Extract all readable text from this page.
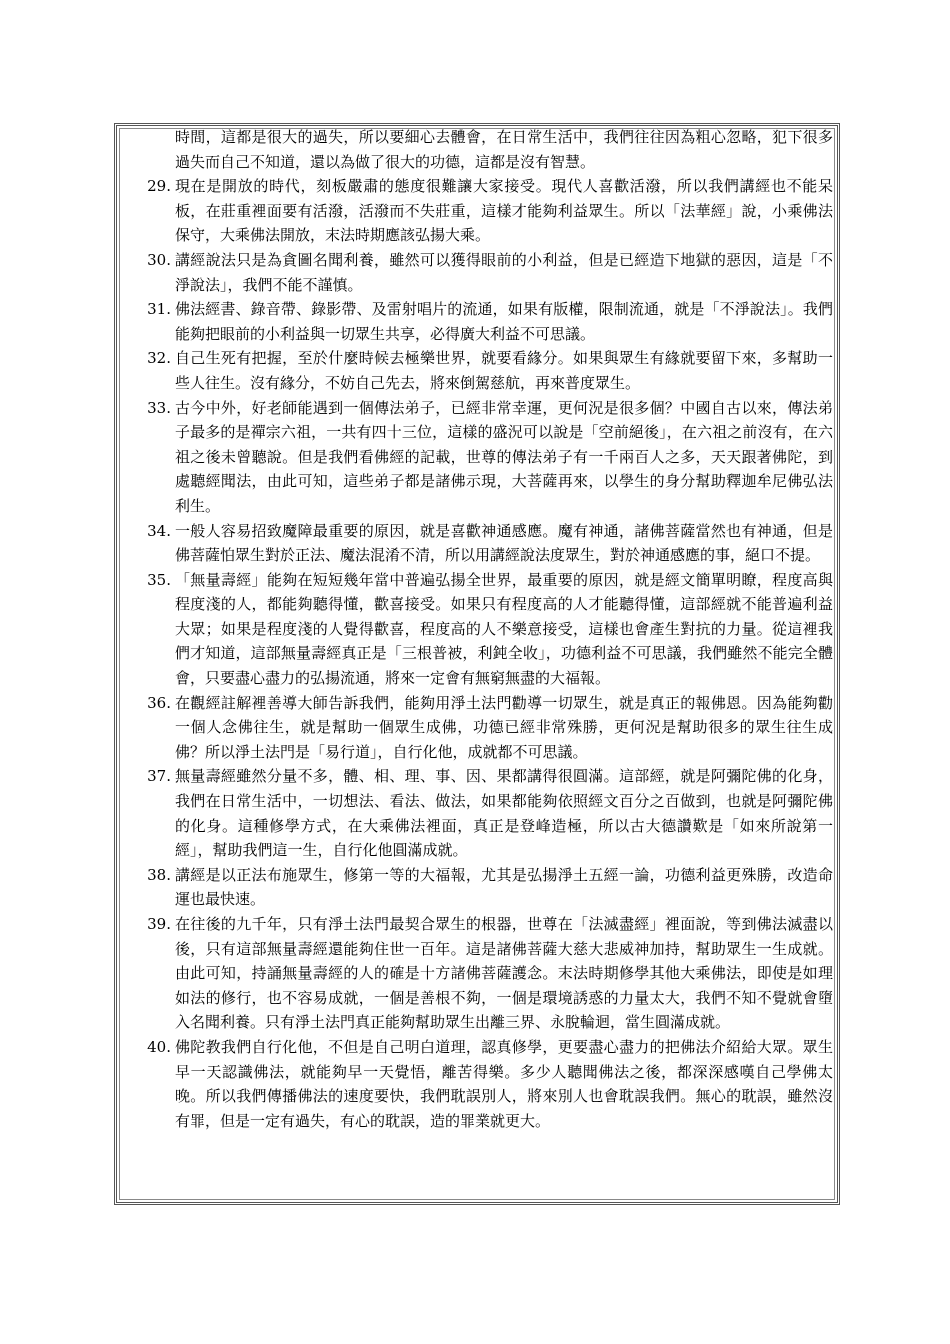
時間，這都是很大的過失，所以要細心去體會，在日常生活中，我們往往因為粗心忽略，犯下很多過失而自己不知道，還以為做了很大的功德，這都是沒有智慧。
29. 現在是開放的時代，刻板嚴肅的態度很難讓大家接受。現代人喜歡活潑，所以我們講經也不能呆板，在莊重裡面要有活潑，活潑而不失莊重，這樣才能夠利益眾生。所以「法華經」說，小乘佛法保守，大乘佛法開放，末法時期應該弘揚大乘。
30. 講經說法只是為貪圖名聞利養，雖然可以獲得眼前的小利益，但是已經造下地獄的惡因，這是「不淨說法」，我們不能不謹慎。
31. 佛法經書、錄音帶、錄影帶、及雷射唱片的流通，如果有版權，限制流通，就是「不淨說法」。我們能夠把眼前的小利益與一切眾生共享，必得廣大利益不可思議。
32. 自己生死有把握，至於什麼時候去極樂世界，就要看緣分。如果與眾生有緣就要留下來，多幫助一些人往生。沒有緣分，不妨自己先去，將來倒駕慈航，再來普度眾生。
33. 古今中外，好老師能遇到一個傳法弟子，已經非常幸運，更何況是很多個？中國自古以來，傳法弟子最多的是禪宗六祖，一共有四十三位，這樣的盛況可以說是「空前絕後」，在六祖之前沒有，在六祖之後未曾聽說。但是我們看佛經的記載，世尊的傳法弟子有一千兩百人之多，天天跟著佛陀，到處聽經聞法，由此可知，這些弟子都是諸佛示現，大菩薩再來，以學生的身分幫助釋迦牟尼佛弘法利生。
34. 一般人容易招致魔障最重要的原因，就是喜歡神通感應。魔有神通，諸佛菩薩當然也有神通，但是佛菩薩怕眾生對於正法、魔法混淆不清，所以用講經說法度眾生，對於神通感應的事，絕口不提。
35. 「無量壽經」能夠在短短幾年當中普遍弘揚全世界，最重要的原因，就是經文簡單明瞭，程度高與程度淺的人，都能夠聽得懂，歡喜接受。如果只有程度高的人才能聽得懂，這部經就不能普遍利益大眾；如果是程度淺的人覺得歡喜，程度高的人不樂意接受，這樣也會產生對抗的力量。從這裡我們才知道，這部無量壽經真正是「三根普被，利鈍全收」，功德利益不可思議，我們雖然不能完全體會，只要盡心盡力的弘揚流通，將來一定會有無窮無盡的大福報。
36. 在觀經註解裡善導大師告訴我們，能夠用淨土法門勸導一切眾生，就是真正的報佛恩。因為能夠勸一個人念佛往生，就是幫助一個眾生成佛，功德已經非常殊勝，更何況是幫助很多的眾生往生成佛？所以淨土法門是「易行道」，自行化他，成就都不可思議。
37. 無量壽經雖然分量不多，體、相、理、事、因、果都講得很圓滿。這部經，就是阿彌陀佛的化身，我們在日常生活中，一切想法、看法、做法，如果都能夠依照經文百分之百做到，也就是阿彌陀佛的化身。這種修學方式，在大乘佛法裡面，真正是登峰造極，所以古大德讚歎是「如來所說第一經」，幫助我們這一生，自行化他圓滿成就。
38. 講經是以正法布施眾生，修第一等的大福報，尤其是弘揚淨土五經一論，功德利益更殊勝，改造命運也最快速。
39. 在往後的九千年，只有淨土法門最契合眾生的根器，世尊在「法滅盡經」裡面說，等到佛法滅盡以後，只有這部無量壽經還能夠住世一百年。這是諸佛菩薩大慈大悲威神加持，幫助眾生一生成就。由此可知，持誦無量壽經的人的確是十方諸佛菩薩護念。末法時期修學其他大乘佛法，即使是如理如法的修行，也不容易成就，一個是善根不夠，一個是環境誘惑的力量太大，我們不知不覺就會墮入名聞利養。只有淨土法門真正能夠幫助眾生出離三界、永脫輪迴，當生圓滿成就。
40. 佛陀教我們自行化他，不但是自己明白道理，認真修學，更要盡心盡力的把佛法介紹給大眾。眾生早一天認識佛法，就能夠早一天覺悟，離苦得樂。多少人聽聞佛法之後，都深深感嘆自己學佛太晚。所以我們傳播佛法的速度要快，我們耽誤別人，將來別人也會耽誤我們。無心的耽誤，雖然沒有罪，但是一定有過失，有心的耽誤，造的罪業就更大。
